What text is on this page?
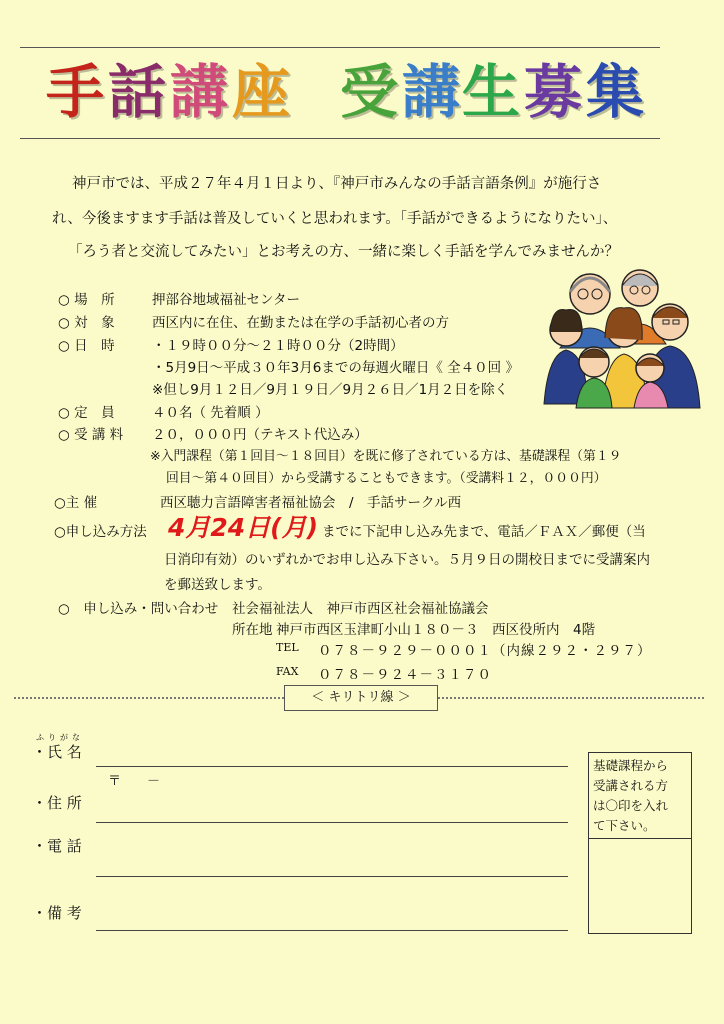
手 話 講 座 受 講 生 募 集
神戸市では、平成２７年４月１日より、『神戸市みんなの手話言語条例』が施行さ
れ、今後ますます手話は普及していくと思われます。「手話ができるようになりたい」、
「ろう者と交流してみたい」とお考えの方、一緒に楽しく手話を学んでみませんか？
○ 場　所	押部谷地域福祉センター
○ 対　象	西区内に在住、在勤または在学の手話初心者の方
○ 日　時	・１９時００分～２１時００分（2時間）
・5月9日～平成３０年3月6までの毎週火曜日《 全４０回 》
※但し9月１２日／9月１９日／9月２６日／1月２日を除く
○ 定　員	４０名（ 先着順 ）
○ 受 講 料 ２０，０００円（テキスト代込み）
※入門課程（第１回目～１８回目）を既に修了されている方は、基礎課程（第１９
回目～第４０回目）から受講することもできます。（受講料１２，０００円）
○主 催	西区聴力言語障害者福祉協会　/　手話サークル西
○申し込み方法 4月24日(月) までに下記申し込み先まで、電話／ＦＡＸ／郵便（当
日消印有効）のいずれかでお申し込み下さい。５月９日の開校日までに受講案内
を郵送致します。
○　申し込み・問い合わせ 社会福祉法人　神戸市西区社会福祉協議会
所在地 神戸市西区玉津町小山１８０－３　西区役所内　4階
TEL ０７８－９２９－０００１（内線２９２・２９７）
FAX ０７８－９２４－３１７０
＜ キリトリ線 ＞
ふりがな
・氏 名
〒　　－
・住 所
・電 話
・備 考
基礎課程から
受講される方
は〇印を入れ
て下さい。
